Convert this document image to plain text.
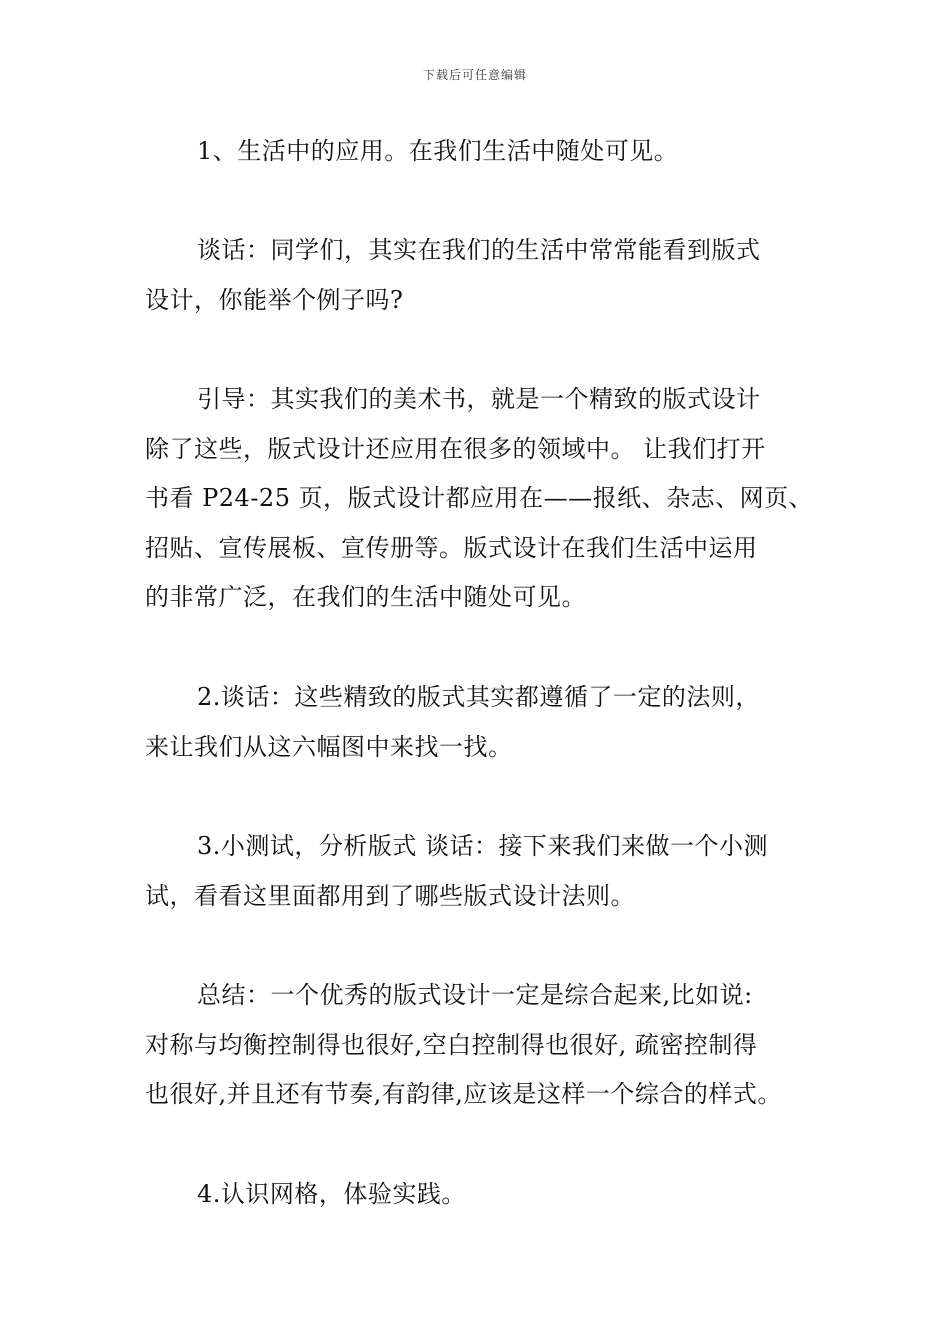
下载后可任意编辑
1、生活中的应用。在我们生活中随处可见。
谈话：同学们，其实在我们的生活中常常能看到版式
设计，你能举个例子吗?
引导：其实我们的美术书，就是一个精致的版式设计
除了这些，版式设计还应用在很多的领域中。 让我们打开
书看 P24-25 页，版式设计都应用在——报纸、杂志、网页、
招贴、宣传展板、宣传册等。版式设计在我们生活中运用
的非常广泛，在我们的生活中随处可见。
2.谈话：这些精致的版式其实都遵循了一定的法则，
来让我们从这六幅图中来找一找。
3.小测试，分析版式 谈话：接下来我们来做一个小测
试，看看这里面都用到了哪些版式设计法则。
总结：一个优秀的版式设计一定是综合起来,比如说:
对称与均衡控制得也很好,空白控制得也很好, 疏密控制得
也很好,并且还有节奏,有韵律,应该是这样一个综合的样式。
4.认识网格，体验实践。
